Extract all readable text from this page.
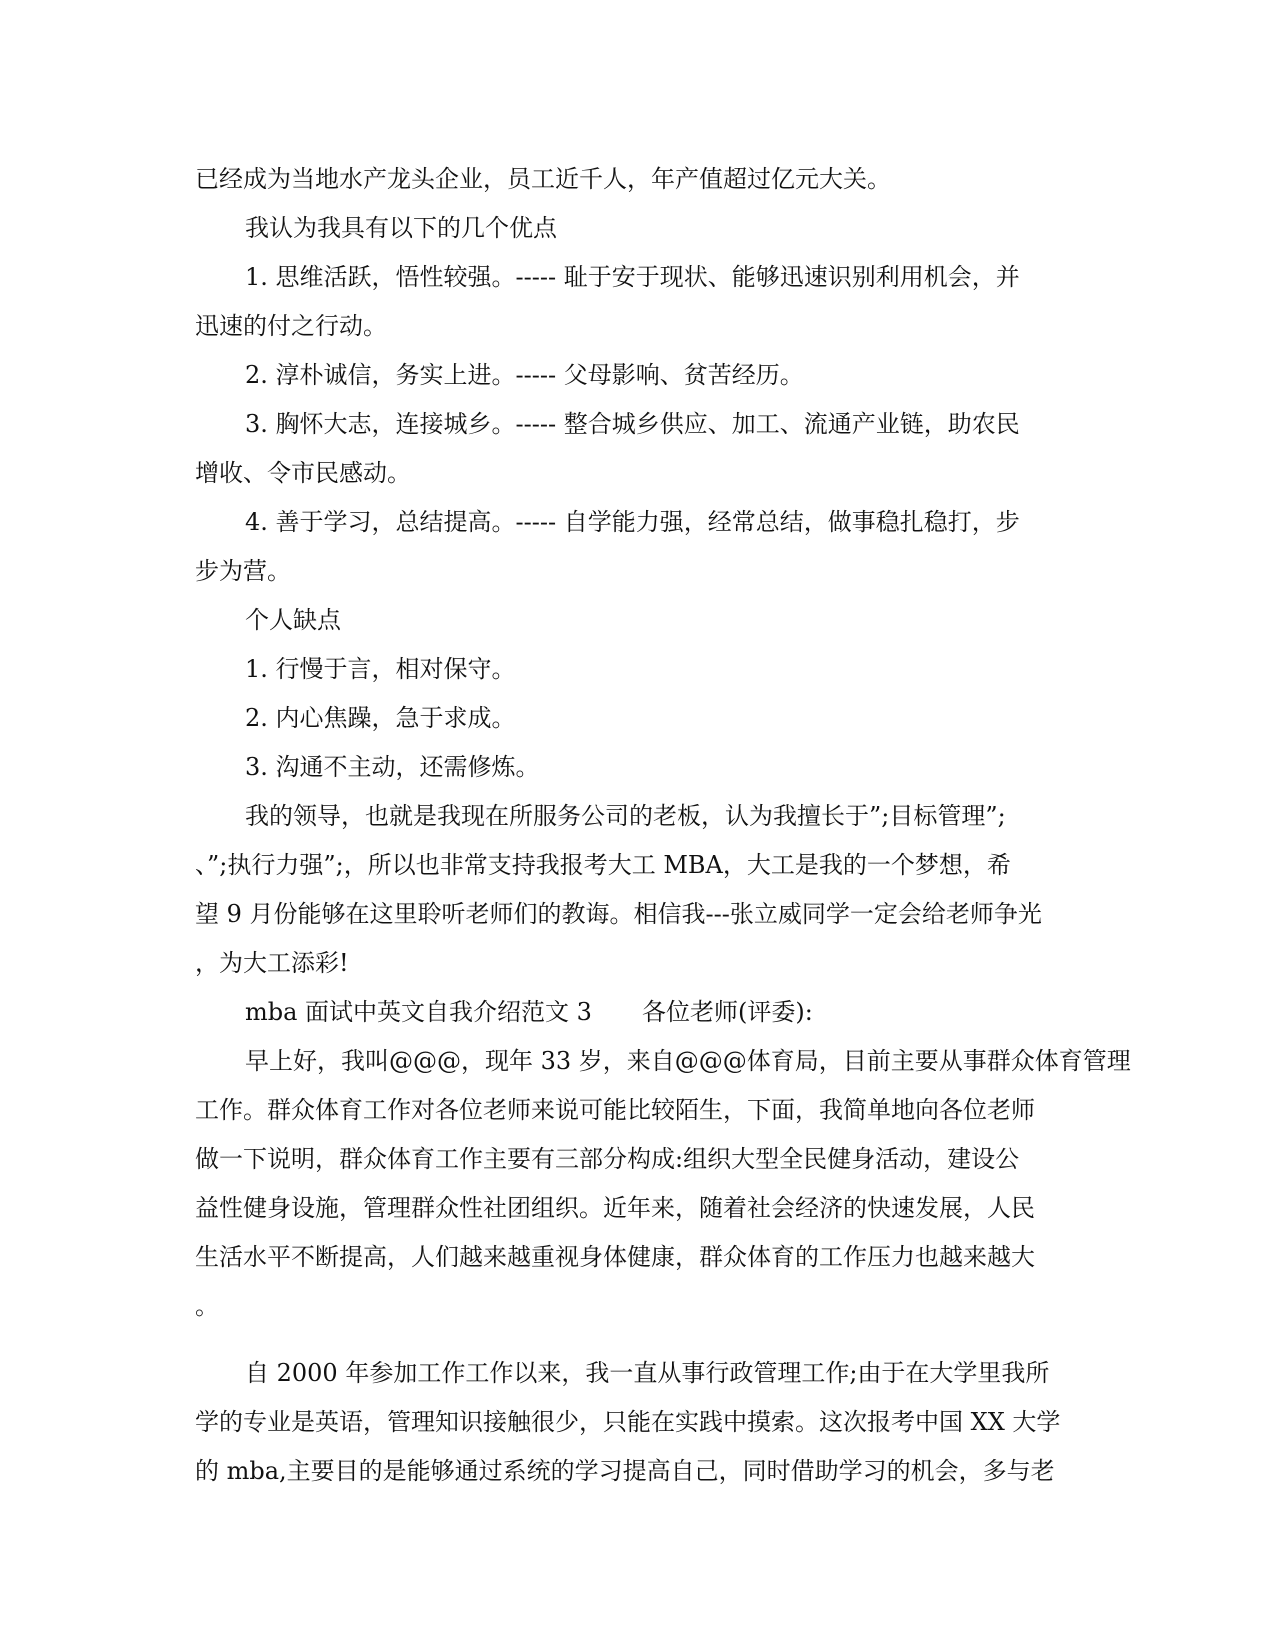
已经成为当地水产龙头企业，员工近千人，年产值超过亿元大关。
我认为我具有以下的几个优点
1. 思维活跃，悟性较强。----- 耻于安于现状、能够迅速识别利用机会，并
迅速的付之行动。
2. 淳朴诚信，务实上进。----- 父母影响、贫苦经历。
3. 胸怀大志，连接城乡。----- 整合城乡供应、加工、流通产业链，助农民
增收、令市民感动。
4. 善于学习，总结提高。----- 自学能力强，经常总结，做事稳扎稳打，步
步为营。
个人缺点
1. 行慢于言，相对保守。
2. 内心焦躁，急于求成。
3. 沟通不主动，还需修炼。
我的领导，也就是我现在所服务公司的老板，认为我擅长于”;目标管理”;
、”;执行力强”;，所以也非常支持我报考大工 MBA，大工是我的一个梦想，希
望 9 月份能够在这里聆听老师们的教诲。相信我---张立威同学一定会给老师争光
，为大工添彩!
mba 面试中英文自我介绍范文 3 各位老师(评委):
早上好，我叫@@@，现年 33 岁，来自@@@体育局，目前主要从事群众体育管理
工作。群众体育工作对各位老师来说可能比较陌生，下面，我简单地向各位老师
做一下说明，群众体育工作主要有三部分构成:组织大型全民健身活动，建设公
益性健身设施，管理群众性社团组织。近年来，随着社会经济的快速发展，人民
生活水平不断提高，人们越来越重视身体健康，群众体育的工作压力也越来越大
。
自 2000 年参加工作工作以来，我一直从事行政管理工作;由于在大学里我所
学的专业是英语，管理知识接触很少，只能在实践中摸索。这次报考中国 XX 大学
的 mba,主要目的是能够通过系统的学习提高自己，同时借助学习的机会，多与老
